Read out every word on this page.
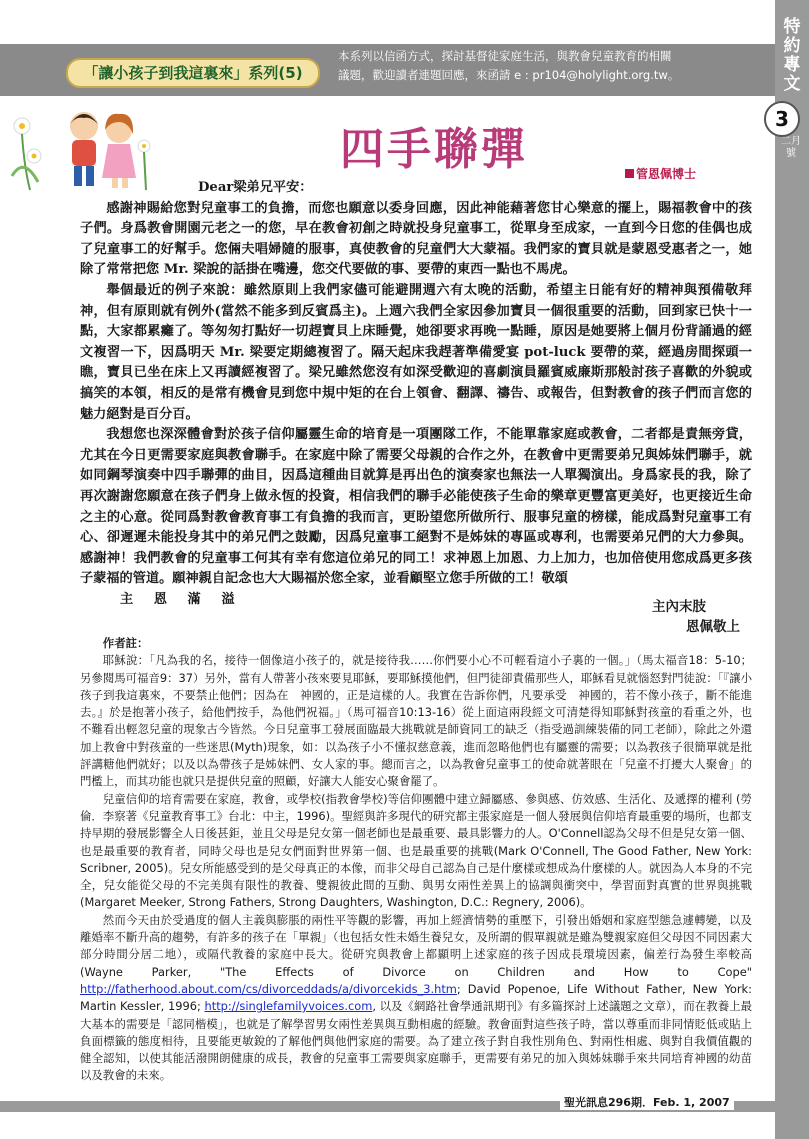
「讓小孩子到我這裏來」系列(5)
本系列以信函方式，探討基督徒家庭生活，與教會兒童教育的相關
議題，歡迎讀者連題回應，來函請 e : pr104@holylight.org.tw。
特約專文
3
二月號
四手聯彈	管恩佩博士

Dear梁弟兄平安：

感謝神賜給您對兒童事工的負擔，而您也願意以委身回應，因此神能藉著您甘心樂意的擺上，賜福教會中的孩子們。身爲教會開園元老之一的您，早在教會初創之時就投身兒童事工，從單身至成家，一直到今日您的佳偶也成了兒童事工的好幫手。您倆夫唱婦隨的服事，真使教會的兒童們大大蒙福。我們家的寶貝就是蒙恩受惠者之一，她除了常常把您 Mr. 梁說的話掛在嘴邊，您交代要做的事、要帶的東西一點也不馬虎。

舉個最近的例子來說：雖然原則上我們家儘可能避開週六有太晚的活動，希望主日能有好的精神與預備敬拜神，但有原則就有例外(當然不能多到反賓爲主)。上週六我們全家因參加寶貝一個很重要的活動，回到家已快十一點，大家都累癱了。等匆匆打點好一切趕寶貝上床睡覺，她卻要求再晚一點睡，原因是她要將上個月份背誦過的經文複習一下，因爲明天 Mr. 梁要定期總複習了。隔天起床我趕著準備愛宴 pot-luck 要帶的菜，經過房間探頭一瞧，寶貝已坐在床上又再讀經複習了。梁兄雖然您沒有如深受歡迎的喜劇演員羅賓威廉斯那般討孩子喜歡的外貌或搞笑的本領，相反的是常有機會見到您中規中矩的在台上領會、翻譯、禱告、或報告，但對教會的孩子們而言您的魅力絕對是百分百。

我想您也深深體會對於孩子信仰屬靈生命的培育是一項團隊工作，不能單靠家庭或教會，二者都是責無旁貸，尤其在今日更需要家庭與教會聯手。在家庭中除了需要父母親的合作之外，在教會中更需要弟兄與姊妹們聯手，就如同鋼琴演奏中四手聯彈的曲目，因爲這種曲目就算是再出色的演奏家也無法一人單獨演出。身爲家長的我，除了再次謝謝您願意在孩子們身上做永恆的投資，相信我們的聯手必能使孩子生命的樂章更豐富更美好，也更接近生命之主的心意。從同爲對教會教育事工有負擔的我而言，更盼望您所做所行、服事兒童的榜樣，能成爲對兒童事工有心、卻遲遲未能投身其中的弟兄們之鼓勵，因爲兒童事工絕對不是姊妹的專區或專利，也需要弟兄們的大力參與。感謝神！我們教會的兒童事工何其有幸有您這位弟兄的同工！求神恩上加恩、力上加力，也加倍使用您成爲更多孩子蒙福的管道。願神親自記念也大大賜福於您全家，並看顧堅立您手所做的工！敬頌

主 恩 滿 溢	主內末肢
恩佩敬上

作者註：

耶穌說：「凡為我的名，接待一個像這小孩子的，就是接待我……你們要小心不可輕看這小子裏的一個。」（馬太福音18：5-10；另參閱馬可福音9：37）另外，當有人帶著小孩來要見耶穌，要耶穌摸他們，但門徒卻責備那些人，耶穌看見就惱怒對門徒說：「『讓小孩子到我這裏來，不要禁止他們；因為在　神國的，正是這樣的人。我實在告訴你們，凡要承受　神國的，若不像小孩子，斷不能進去。』於是抱著小孩子，給他們按手，為他們祝福。」（馬可福音10:13-16）從上面這兩段經文可清楚得知耶穌對孩童的看重之外，也不難看出輕忽兒童的現象古今皆然。今日兒童事工發展面臨最大挑戰就是師資同工的缺乏（指受過訓練裝備的同工老師），除此之外還加上教會中對孩童的一些迷思(Myth)現象，如：以為孩子小不懂叔慈意義，進而忽略他們也有屬靈的需要；以為教孩子很簡單就是批評講糖他們就好；以及以為帶孩子是姊妹們、女人家的事。總而言之，以為教會兒童事工的使命就著眼在「兒童不打擾大人聚會」的門檻上，而其功能也就只是提供兒童的照顧，好讓大人能安心聚會罷了。

兒童信仰的培育需要在家庭，教會，或學校(指教會學校)等信仰團體中建立歸屬感、參與感、仿效感、生活化、及遞擇的權利 (勞倫．李察著《兒童教育事工》台北：中主，1996)。聖經與許多現代的研究都主張家庭是一個人發展與信仰培育最重要的場所，也都支持早期的發展影響全人日後甚鉅，並且父母是兒女第一個老師也是最重要、最具影響力的人。O'Connell認為父母不但是兒女第一個、也是最重要的教育者，同時父母也是兒女們面對世界第一個、也是最重要的挑戰(Mark O'Connell, The Good Father, New York: Scribner, 2005)。兒女所能感受到的是父母真正的本像，而非父母自己認為自己是什麼樣或想成為什麼樣的人。就因為人本身的不完全，兒女能從父母的不完美與有限性的教養、雙親彼此間的互動、與男女兩性差異上的協調與衝突中，學習面對真實的世界與挑戰(Margaret Meeker, Strong Fathers, Strong Daughters, Washington, D.C.: Regnery, 2006)。

然而今天由於受過度的個人主義與膨脹的兩性平等觀的影響，再加上經濟情勢的重壓下，引發出婚姻和家庭型態急遽轉變，以及離婚率不斷升高的趨勢，有許多的孩子在「單親」（也包括女性未婚生養兒女，及所謂的假單親就是雖為雙親家庭但父母因不同因素大部分時間分居二地），或隔代教養的家庭中長大。從研究與教會上都顯明上述家庭的孩子因成長環境因素，偏差行為發生率較高(Wayne Parker, "The Effects of Divorce on Children and How to Cope" http://fatherhood.about.com/cs/divorceddads/a/divorcekids_3.htm; David Popenoe, Life Without Father, New York: Martin Kessler, 1996; http://singlefamilyvoices.com, 以及《網路社會學通訊期刊》有多篇探討上述議題之文章），而在教養上最大基本的需要是「認同楷模」，也就是了解學習男女兩性差異與互動相處的經驗。教會面對這些孩子時，當以尊重而非同情貶低或貼上負面標籤的態度相待，且要能更敏銳的了解他們與他們家庭的需要。為了建立孩子對自我性別角色、對兩性相處、與對自我價值觀的健全認知，以使其能活潑開朗健康的成長，教會的兒童事工需要與家庭聯手，更需要有弟兄的加入與姊妹聯手來共同培育神國的幼苗以及教會的未來。

聖光訊息296期．Feb. 1, 2007
